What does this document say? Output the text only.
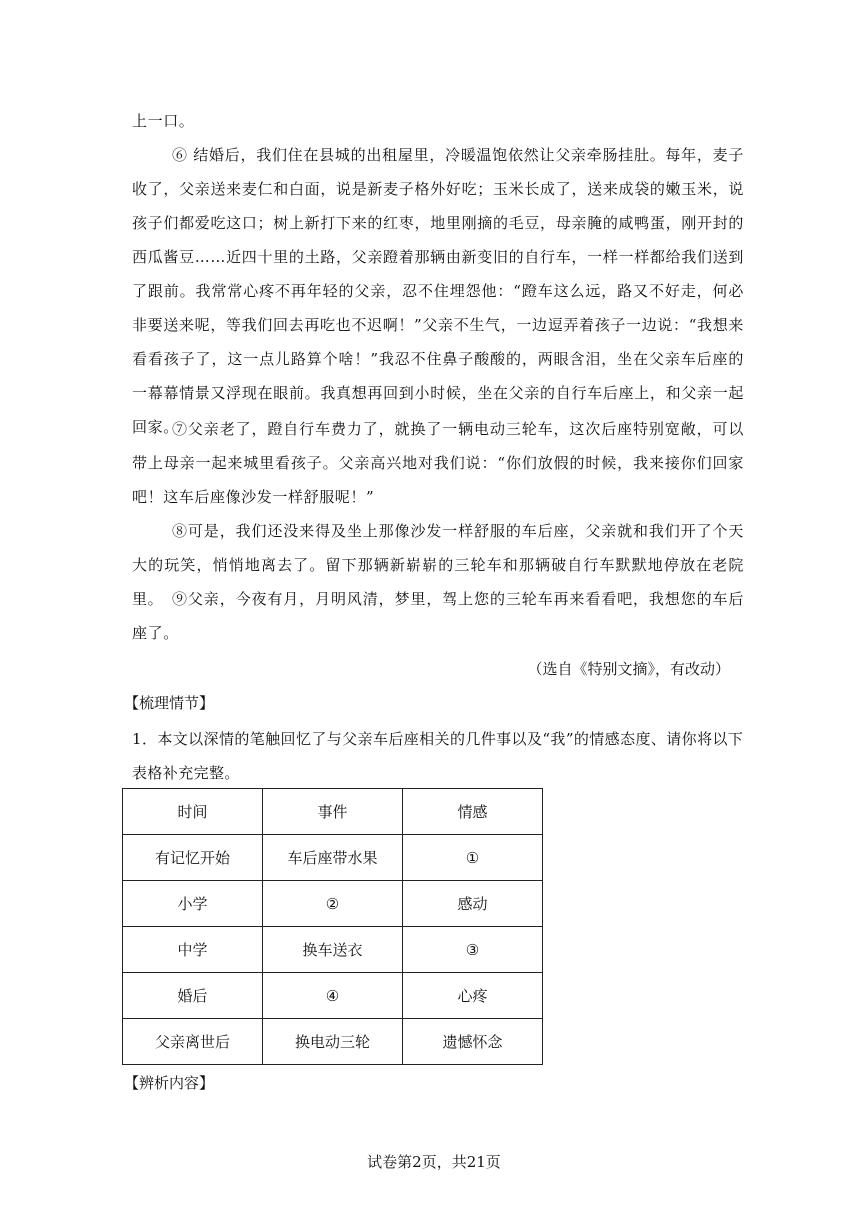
上一口。

⑥ 结婚后，我们住在县城的出租屋里，冷暖温饱依然让父亲牵肠挂肚。每年，麦子收了，父亲送来麦仁和白面，说是新麦子格外好吃；玉米长成了，送来成袋的嫩玉米，说孩子们都爱吃这口；树上新打下来的红枣，地里刚摘的毛豆，母亲腌的咸鸭蛋，刚开封的西瓜酱豆……近四十里的土路，父亲蹬着那辆由新变旧的自行车，一样一样都给我们送到了跟前。我常常心疼不再年轻的父亲，忍不住埋怨他：“蹬车这么远，路又不好走，何必非要送来呢，等我们回去再吃也不迟啊！”父亲不生气，一边逗弄着孩子一边说：“我想来看看孩子了，这一点儿路算个啥！”我忍不住鼻子酸酸的，两眼含泪，坐在父亲车后座的一幕幕情景又浮现在眼前。我真想再回到小时候，坐在父亲的自行车后座上，和父亲一起回家。

⑦父亲老了，蹬自行车费力了，就换了一辆电动三轮车，这次后座特别宽敞，可以带上母亲一起来城里看孩子。父亲高兴地对我们说：“你们放假的时候，我来接你们回家吧！这车后座像沙发一样舒服呢！”

⑧可是，我们还没来得及坐上那像沙发一样舒服的车后座，父亲就和我们开了个天大的玩笑，悄悄地离去了。留下那辆新崭崭的三轮车和那辆破自行车默默地停放在老院里。 ⑨父亲，今夜有月，月明风清，梦里，驾上您的三轮车再来看看吧，我想您的车后座了。

（选自《特别文摘》，有改动）
【梳理情节】

1．本文以深情的笔触回忆了与父亲车后座相关的几件事以及“我”的情感态度、请你将以下表格补充完整。

时间	事件	情感
有记忆开始	车后座带水果	①
小学	②	感动
中学	换车送衣	③
婚后	④	心疼
父亲离世后	换电动三轮	遗憾怀念
【辨析内容】
试卷第2页，共21页
